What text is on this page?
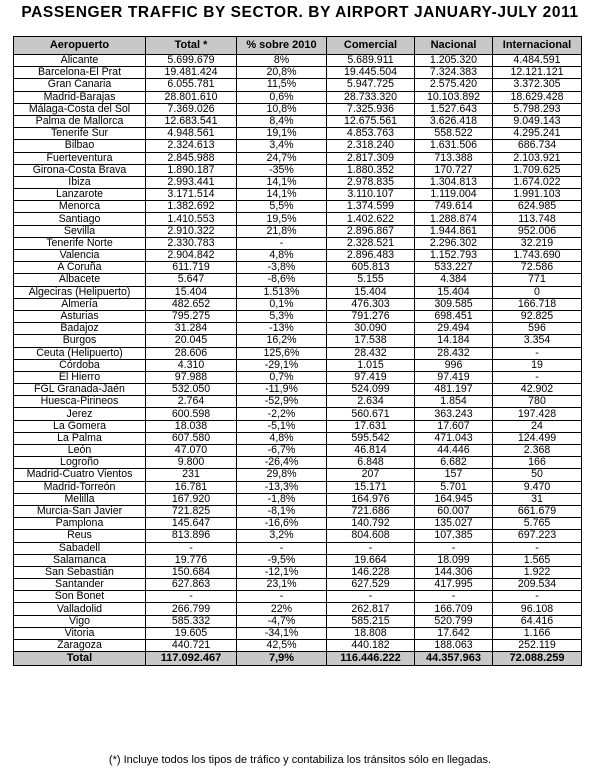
PASSENGER TRAFFIC BY SECTOR. BY AIRPORT JANUARY-JULY 2011
Aeropuerto	Total *	% sobre 2010	Comercial	Nacional	Internacional
Alicante	5.699.679	8%	5.689.911	1.205.320	4.484.591
Barcelona-El Prat	19.481.424	20,8%	19.445.504	7.324.383	12.121.121
Gran Canaria	6.055.781	11,5%	5.947.725	2.575.420	3.372.305
Madrid-Barajas	28.801.610	0,6%	28.733.320	10.103.892	18.629.428
Málaga-Costa del Sol	7.369.026	10,8%	7.325.936	1.527.643	5.798.293
Palma de Mallorca	12.683.541	8,4%	12.675.561	3.626.418	9.049.143
Tenerife Sur	4.948.561	19,1%	4.853.763	558.522	4.295.241
Bilbao	2.324.613	3,4%	2.318.240	1.631.506	686.734
Fuerteventura	2.845.988	24,7%	2.817.309	713.388	2.103.921
Girona-Costa Brava	1.890.187	-35%	1.880.352	170.727	1.709.625
Ibiza	2.993.441	14,1%	2.978.835	1.304.813	1.674.022
Lanzarote	3.171.514	14,1%	3.110.107	1.119.004	1.991.103
Menorca	1.382.692	5,5%	1.374.599	749.614	624.985
Santiago	1.410.553	19,5%	1.402.622	1.288.874	113.748
Sevilla	2.910.322	21,8%	2.896.867	1.944.861	952.006
Tenerife Norte	2.330.783	-	2.328.521	2.296.302	32.219
Valencia	2.904.842	4,8%	2.896.483	1.152.793	1.743.690
A Coruña	611.719	-3,8%	605.813	533.227	72.586
Albacete	5.647	-8,6%	5.155	4.384	771
Algeciras (Helipuerto)	15.404	1.513%	15.404	15.404	0
Almería	482.652	0,1%	476.303	309.585	166.718
Asturias	795.275	5,3%	791.276	698.451	92.825
Badajoz	31.284	-13%	30.090	29.494	596
Burgos	20.045	16,2%	17.538	14.184	3.354
Ceuta (Helipuerto)	28.606	125,6%	28.432	28.432	-
Córdoba	4.310	-29,1%	1.015	996	19
El Hierro	97.988	0,7%	97.419	97.419	-
FGL Granada-Jaén	532.050	-11,9%	524.099	481.197	42.902
Huesca-Pirineos	2.764	-52,9%	2.634	1.854	780
Jerez	600.598	-2,2%	560.671	363.243	197.428
La Gomera	18.038	-5,1%	17.631	17.607	24
La Palma	607.580	4,8%	595.542	471.043	124.499
León	47.070	-6,7%	46.814	44.446	2.368
Logroño	9.800	-26,4%	6.848	6.682	166
Madrid-Cuatro Vientos	231	29,8%	207	157	50
Madrid-Torreón	16.781	-13,3%	15.171	5.701	9.470
Melilla	167.920	-1,8%	164.976	164.945	31
Murcia-San Javier	721.825	-8,1%	721.686	60.007	661.679
Pamplona	145.647	-16,6%	140.792	135.027	5.765
Reus	813.896	3,2%	804.608	107.385	697.223
Sabadell	-	-	-	-	-
Salamanca	19.776	-9,5%	19.664	18.099	1.565
San Sebastián	150.684	-12,1%	146.228	144.306	1.922
Santander	627.863	23,1%	627.529	417.995	209.534
Son Bonet	-	-	-	-	-
Valladolid	266.799	22%	262.817	166.709	96.108
Vigo	585.332	-4,7%	585.215	520.799	64.416
Vitoria	19.605	-34,1%	18.808	17.642	1.166
Zaragoza	440.721	42,5%	440.182	188.063	252.119
Total	117.092.467	7,9%	116.446.222	44.357.963	72.088.259
(*) Incluye todos los tipos de tráfico y contabiliza los tránsitos sólo en llegadas.
